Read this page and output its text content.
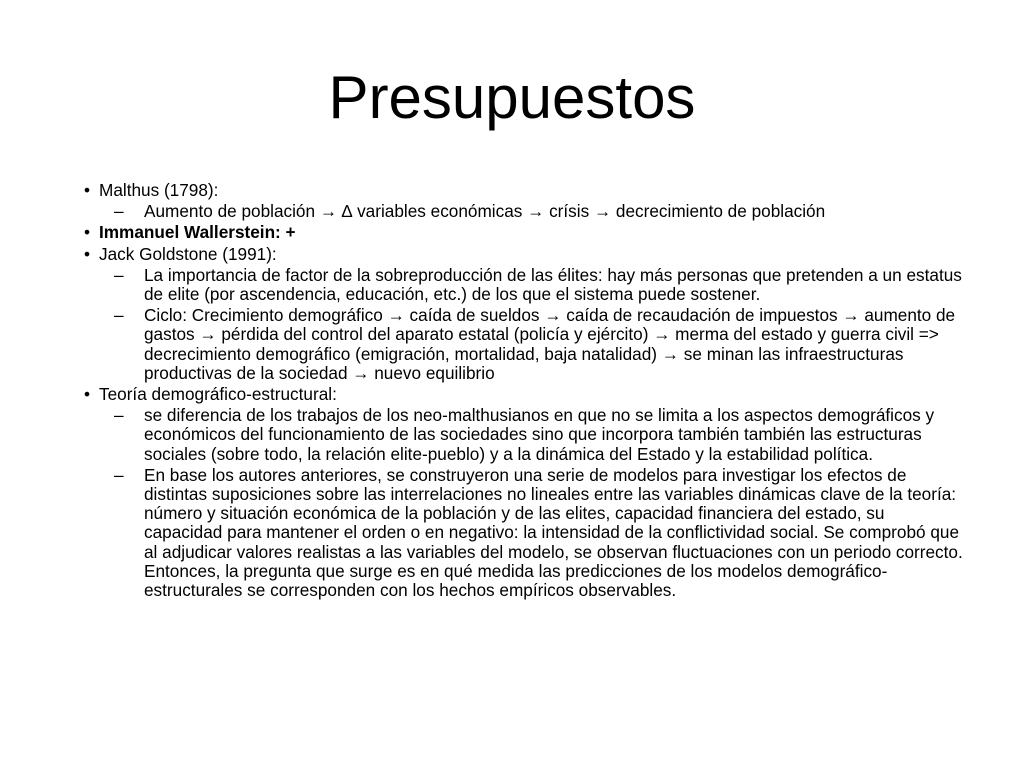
Presupuestos
• Malthus (1798):
– Aumento de población → ∆ variables económicas → crísis → decrecimiento de población
• Immanuel Wallerstein: +
• Jack Goldstone (1991):
– La importancia de factor de la sobreproducción de las élites: hay más personas que pretenden a un estatus de elite (por ascendencia, educación, etc.) de los que el sistema puede sostener.
– Ciclo: Crecimiento demográfico → caída de sueldos → caída de recaudación de impuestos → aumento de gastos → pérdida del control del aparato estatal (policía y ejército) → merma del estado y guerra civil => decrecimiento demográfico (emigración, mortalidad, baja natalidad) → se minan las infraestructuras productivas de la sociedad → nuevo equilibrio
• Teoría demográfico-estructural:
– se diferencia de los trabajos de los neo-malthusianos en que no se limita a los aspectos demográficos y económicos del funcionamiento de las sociedades sino que incorpora también también las estructuras sociales (sobre todo, la relación elite-pueblo) y a la dinámica del Estado y la estabilidad política.
– En base los autores anteriores, se construyeron una serie de modelos para investigar los efectos de distintas suposiciones sobre las interrelaciones no lineales entre las variables dinámicas clave de la teoría: número y situación económica de la población y de las elites, capacidad financiera del estado, su capacidad para mantener el orden o en negativo: la intensidad de la conflictividad social. Se comprobó que al adjudicar valores realistas a las variables del modelo, se observan fluctuaciones con un periodo correcto. Entonces, la pregunta que surge es en qué medida las predicciones de los modelos demográfico-estructurales se corresponden con los hechos empíricos observables.
